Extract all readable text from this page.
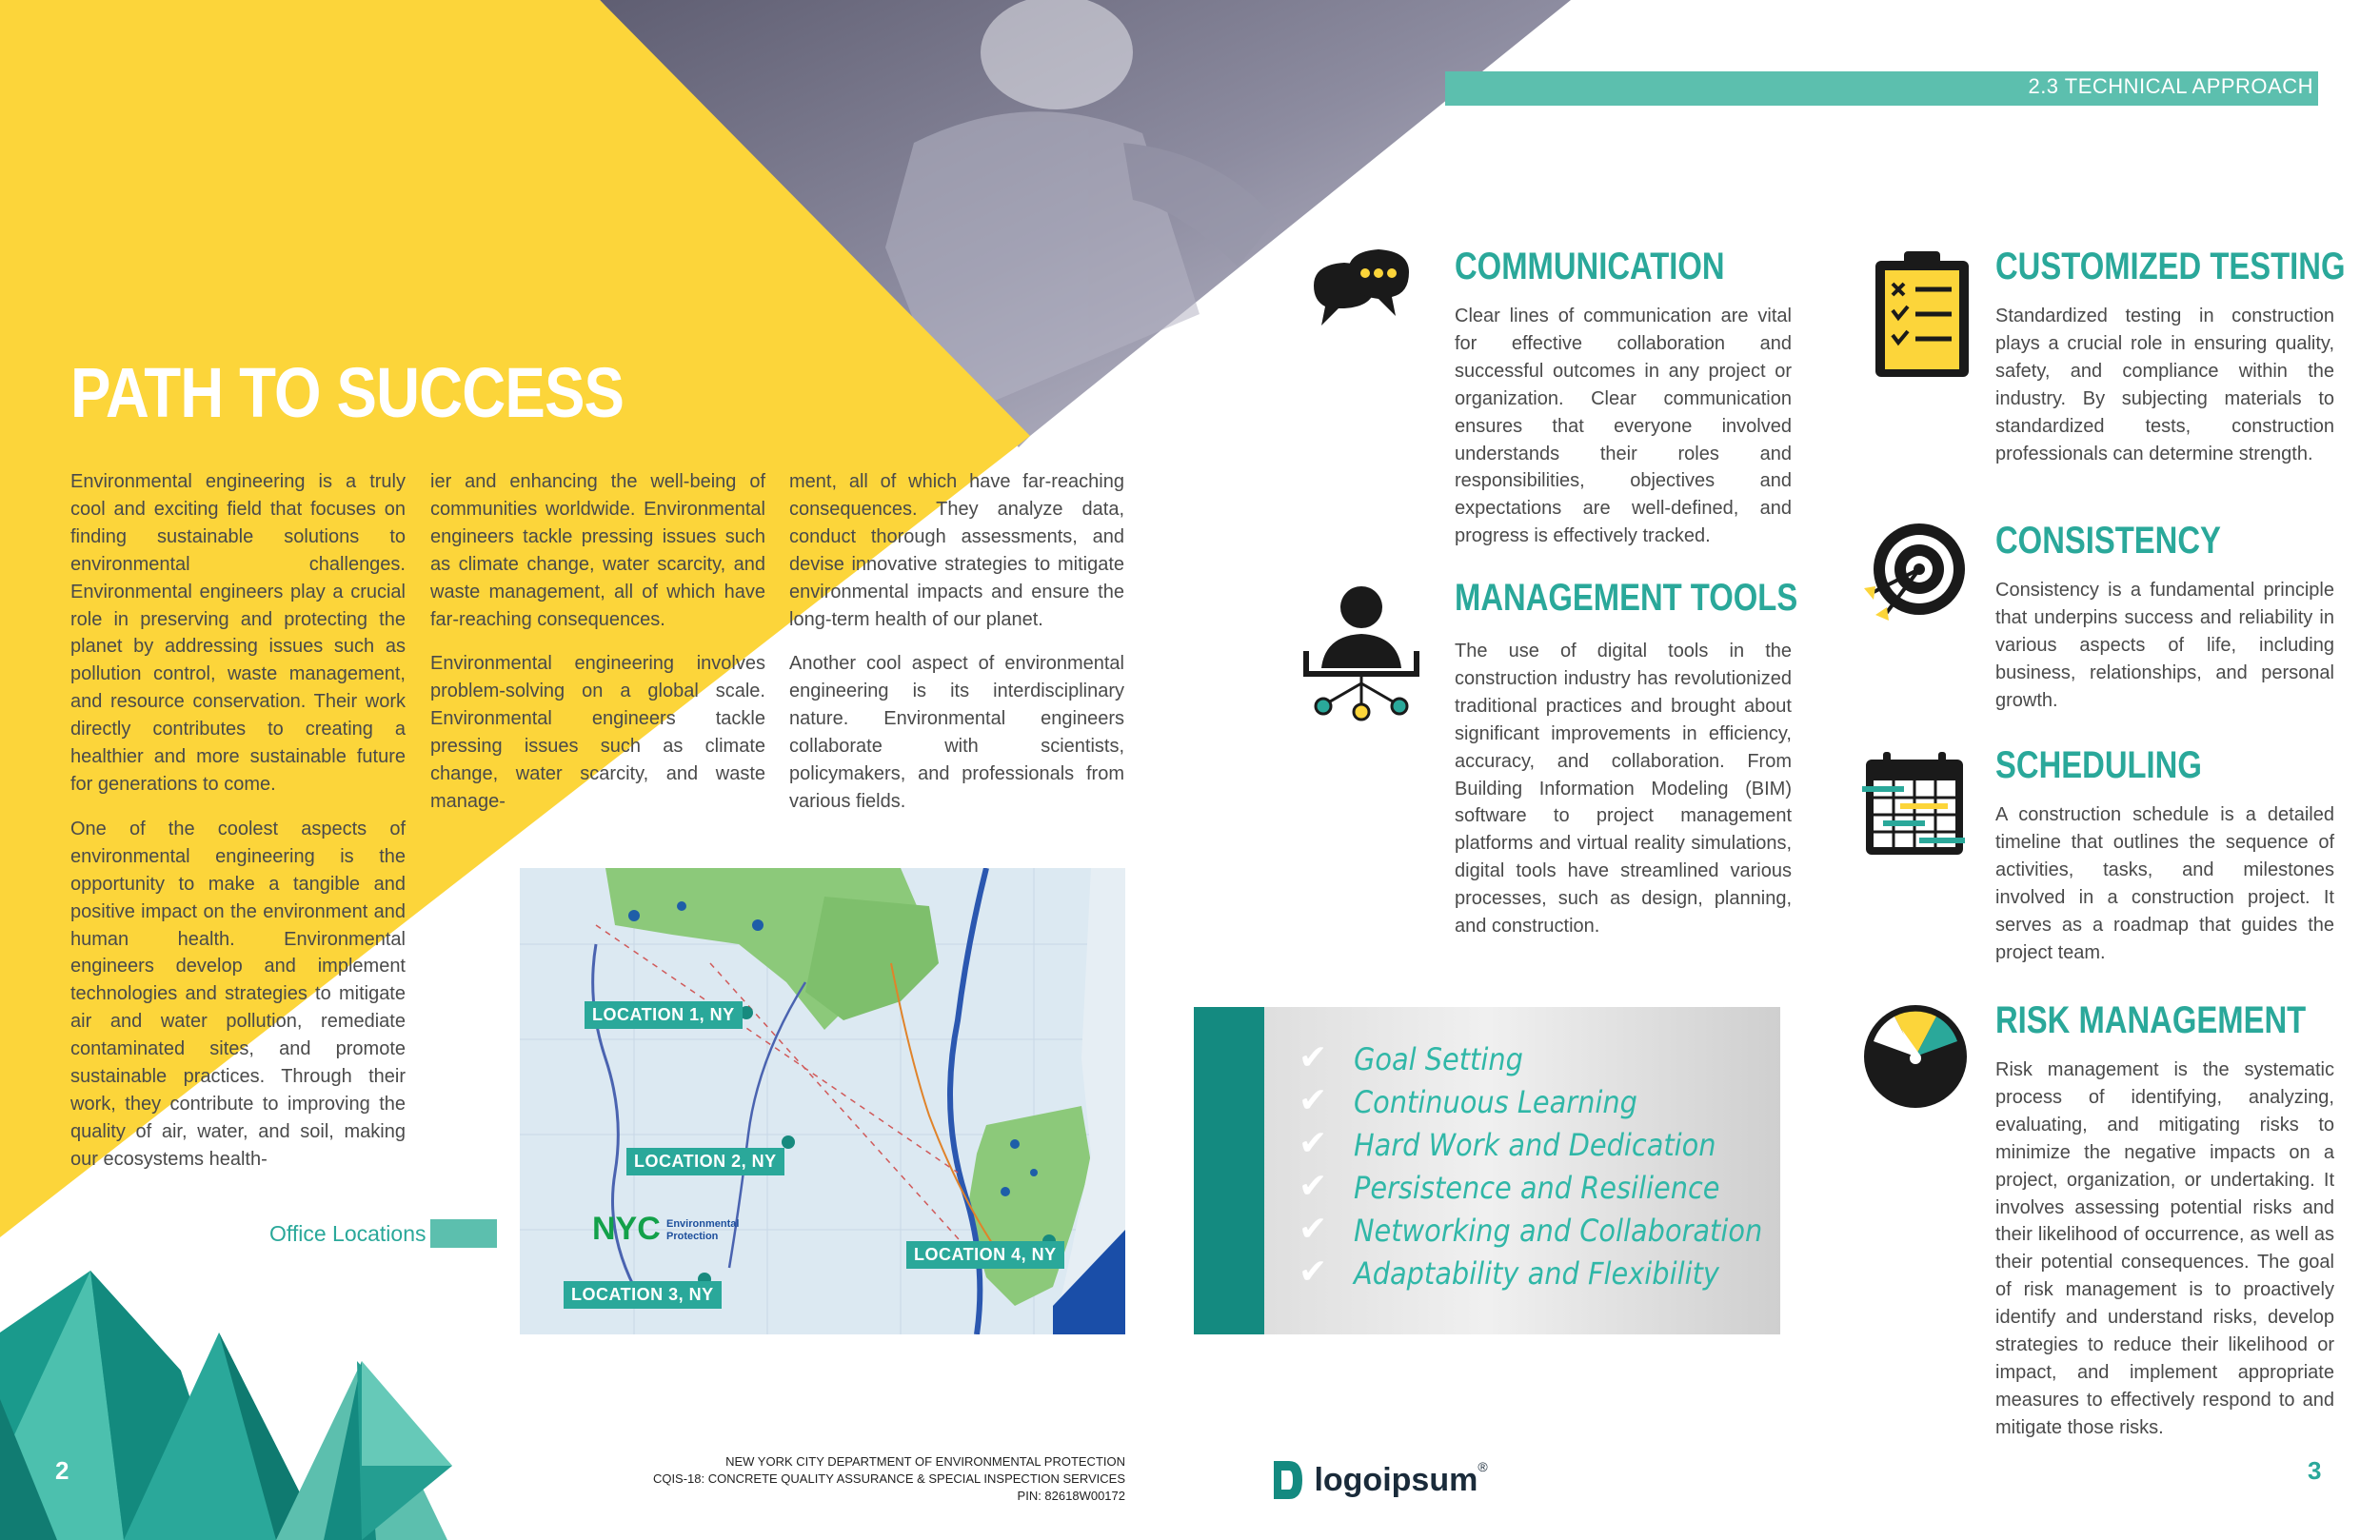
2.3 TECHNICAL APPROACH
PATH TO SUCCESS

Environmental engineering is a truly cool and exciting field that focuses on finding sustainable solutions to environmental challenges. Environmental engineers play a crucial role in preserving and protecting the planet by addressing issues such as pollution control, waste management, and resource conservation. Their work directly contributes to creating a healthier and more sustainable future for generations to come.

One of the coolest aspects of environmental engineering is the opportunity to make a tangible and positive impact on the environment and human health. Environmental engineers develop and implement technologies and strategies to mitigate air and water pollution, remediate contaminated sites, and promote sustainable practices. Through their work, they contribute to improving the quality of air, water, and soil, making our ecosystems health-

ier and enhancing the well-being of communities worldwide. Environmental engineers tackle pressing issues such as climate change, water scarcity, and waste management, all of which have far-reaching consequences.

Environmental engineering involves problem-solving on a global scale. Environmental engineers tackle pressing issues such as climate change, water scarcity, and waste manage-

ment, all of which have far-reaching consequences. They analyze data, conduct thorough assessments, and devise innovative strategies to mitigate environmental impacts and ensure the long-term health of our planet.

Another cool aspect of environmental engineering is its interdisciplinary nature. Environmental engineers collaborate with scientists, policymakers, and professionals from various fields.

NYC Environmental
Protection
LOCATION 1, NY
LOCATION 2, NY
LOCATION 3, NY
LOCATION 4, NY
Office Locations
COMMUNICATION
Clear lines of communication are vital for effective collaboration and successful outcomes in any project or organization. Clear communication ensures that everyone involved understands their roles and responsibilities, objectives and expectations are well-defined, and progress is effectively tracked.
MANAGEMENT TOOLS
The use of digital tools in the construction industry has revolutionized traditional practices and brought about significant improvements in efficiency, accuracy, and collaboration. From Building Information Modeling (BIM) software to project management platforms and virtual reality simulations, digital tools have streamlined various processes, such as design, planning, and construction.
CUSTOMIZED TESTING
Standardized testing in construction plays a crucial role in ensuring quality, safety, and compliance within the industry. By subjecting materials to standardized tests, construction professionals can determine strength.
CONSISTENCY
Consistency is a fundamental principle that underpins success and reliability in various aspects of life, including business, relationships, and personal growth.
SCHEDULING
A construction schedule is a detailed timeline that outlines the sequence of activities, tasks, and milestones involved in a construction project. It serves as a roadmap that guides the project team.
RISK MANAGEMENT
Risk management is the systematic process of identifying, analyzing, evaluating, and mitigating risks to minimize the negative impacts on a project, organization, or undertaking. It involves assessing potential risks and their likelihood of occurrence, as well as their potential consequences. The goal of risk management is to proactively identify and understand risks, develop strategies to reduce their likelihood or impact, and implement appropriate measures to effectively respond to and mitigate those risks.
✔ Goal Setting
✔ Continuous Learning
✔ Hard Work and Dedication
✔ Persistence and Resilience
✔ Networking and Collaboration
✔ Adaptability and Flexibility
NEW YORK CITY DEPARTMENT OF ENVIRONMENTAL PROTECTION
CQIS-18: CONCRETE QUALITY ASSURANCE & SPECIAL INSPECTION SERVICES
PIN: 82618W00172
2	3
logoipsum®
